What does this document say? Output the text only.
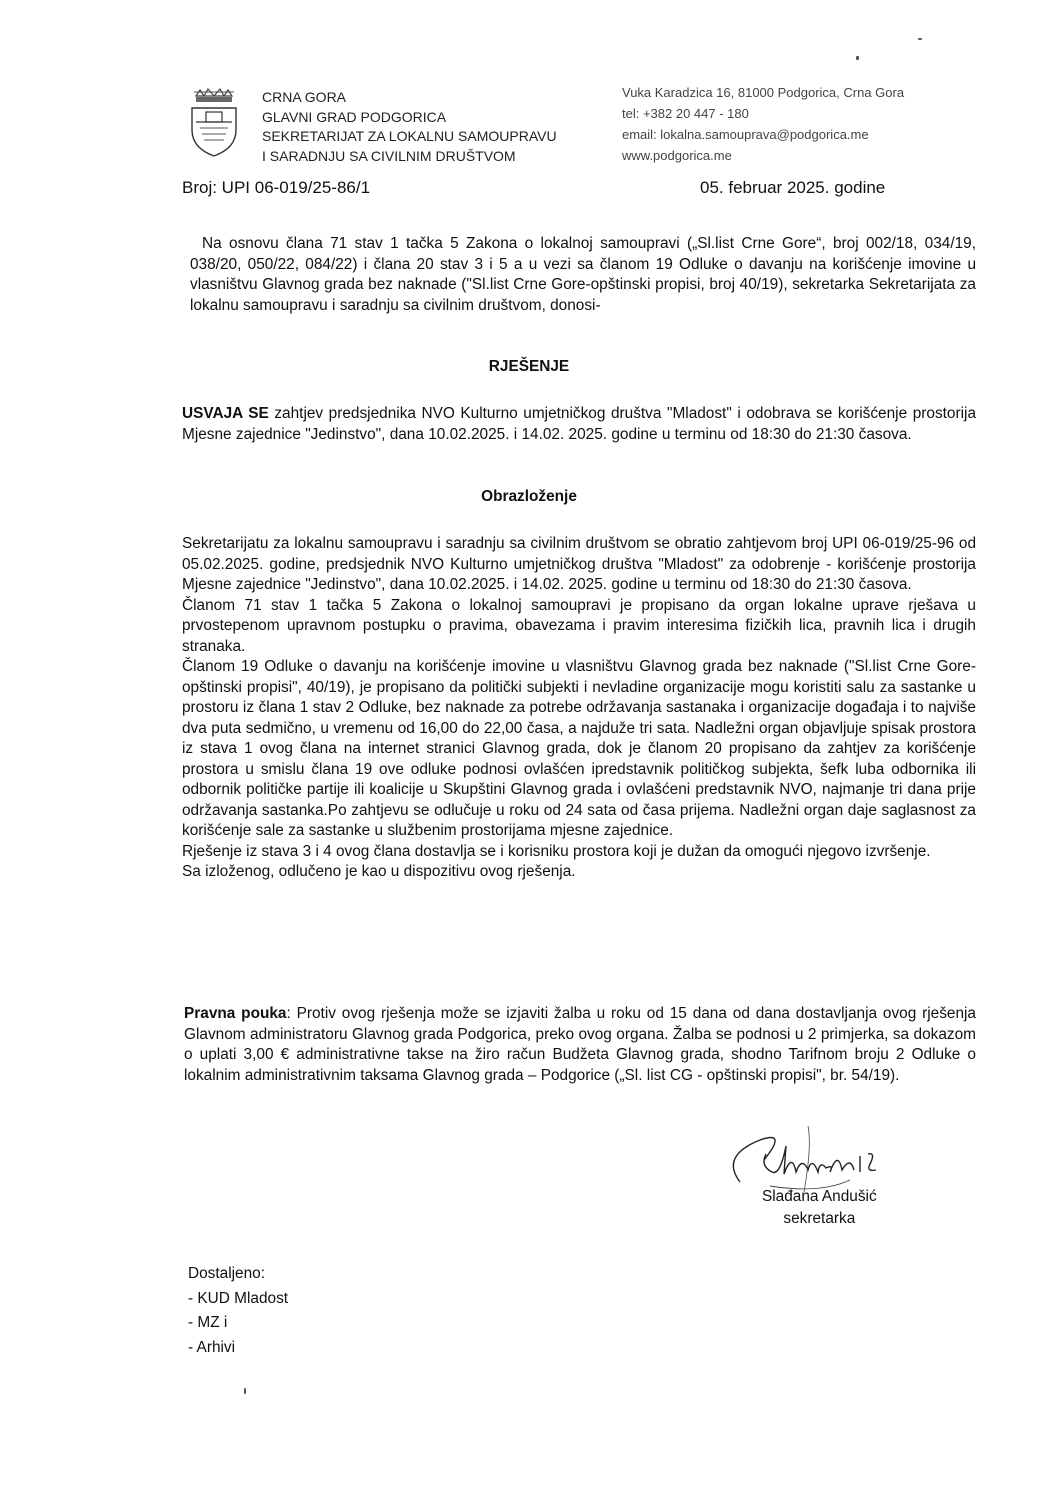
CRNA GORA
GLAVNI GRAD PODGORICA
SEKRETARIJAT ZA LOKALNU SAMOUPRAVU
I SARADNJU SA CIVILNIM DRUŠTVOM
Vuka Karadzica 16, 81000 Podgorica, Crna Gora
tel: +382 20 447 - 180
email: lokalna.samouprava@podgorica.me
www.podgorica.me
Broj: UPI 06-019/25-86/1	05. februar 2025. godine
Na osnovu člana 71 stav 1 tačka 5 Zakona o lokalnoj samoupravi („Sl.list Crne Gore“, broj 002/18, 034/19, 038/20, 050/22, 084/22) i člana 20 stav 3 i 5 a u vezi sa članom 19 Odluke o davanju na korišćenje imovine u vlasništvu Glavnog grada bez naknade ("Sl.list Crne Gore-opštinski propisi, broj 40/19), sekretarka Sekretarijata za lokalnu samoupravu i saradnju sa civilnim društvom, donosi-
RJEŠENJE
USVAJA SE zahtjev predsjednika NVO Kulturno umjetničkog društva "Mladost" i odobrava se korišćenje prostorija Mjesne zajednice "Jedinstvo", dana 10.02.2025. i 14.02. 2025. godine u terminu od 18:30 do 21:30 časova.
Obrazloženje

Sekretarijatu za lokalnu samoupravu i saradnju sa civilnim društvom se obratio zahtjevom broj UPI 06-019/25-96 od 05.02.2025. godine, predsjednik NVO Kulturno umjetničkog društva "Mladost" za odobrenje - korišćenje prostorija Mjesne zajednice "Jedinstvo", dana 10.02.2025. i 14.02. 2025. godine u terminu od 18:30 do 21:30 časova.

Članom 71 stav 1 tačka 5 Zakona o lokalnoj samoupravi je propisano da organ lokalne uprave rješava u prvostepenom upravnom postupku o pravima, obavezama i pravim interesima fizičkih lica, pravnih lica i drugih stranaka.

Članom 19 Odluke o davanju na korišćenje imovine u vlasništvu Glavnog grada bez naknade ("Sl.list Crne Gore-opštinski propisi", 40/19), je propisano da politički subjekti i nevladine organizacije mogu koristiti salu za sastanke u prostoru iz člana 1 stav 2 Odluke, bez naknade za potrebe održavanja sastanaka i organizacije događaja i to najviše dva puta sedmično, u vremenu od 16,00 do 22,00 časa, a najduže tri sata. Nadležni organ objavljuje spisak prostora iz stava 1 ovog člana na internet stranici Glavnog grada, dok je članom 20 propisano da zahtjev za korišćenje prostora u smislu člana 19 ove odluke podnosi ovlašćen ipredstavnik političkog subjekta, šefk luba odbornika ili odbornik političke partije ili koalicije u Skupštini Glavnog grada i ovlašćeni predstavnik NVO, najmanje tri dana prije održavanja sastanka.Po zahtjevu se odlučuje u roku od 24 sata od časa prijema. Nadležni organ daje saglasnost za korišćenje sale za sastanke u službenim prostorijama mjesne zajednice.

Rješenje iz stava 3 i 4 ovog člana dostavlja se i korisniku prostora koji je dužan da omogući njegovo izvršenje.

Sa izloženog, odlučeno je kao u dispozitivu ovog rješenja.

Pravna pouka: Protiv ovog rješenja može se izjaviti žalba u roku od 15 dana od dana dostavljanja ovog rješenja Glavnom administratoru Glavnog grada Podgorica, preko ovog organa. Žalba se podnosi u 2 primjerka, sa dokazom o uplati 3,00 € administrativne takse na žiro račun Budžeta Glavnog grada, shodno Tarifnom broju 2 Odluke o lokalnim administrativnim taksama Glavnog grada – Podgorice („Sl. list CG - opštinski propisi", br. 54/19).
Slađana Andušić
sekretarka
Dostaljeno:
- KUD Mladost
- MZ i
- Arhivi
